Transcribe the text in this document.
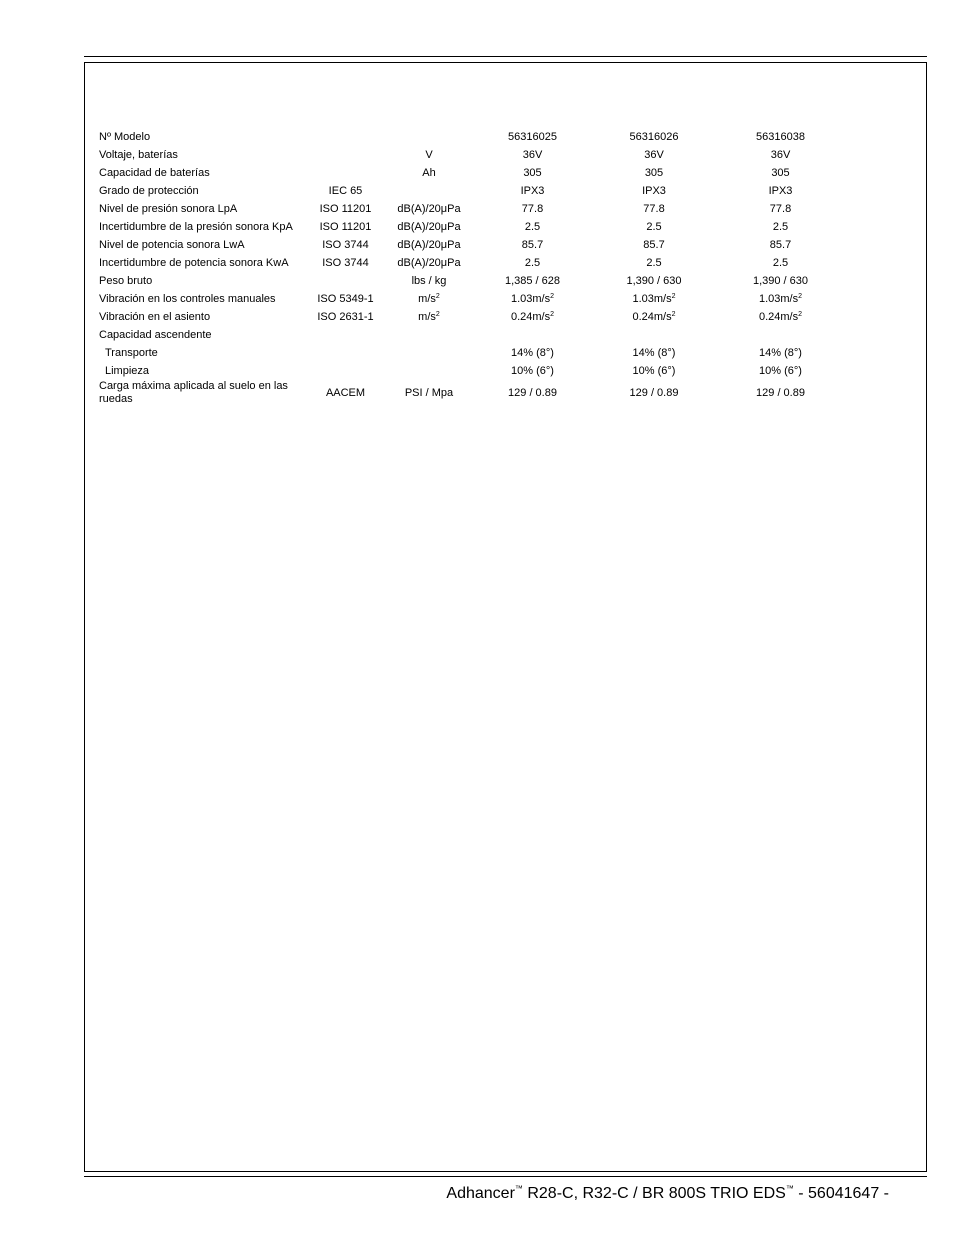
Nº Modelo			56316025	56316026	56316038
Voltaje, baterías		V	36V	36V	36V
Capacidad de baterías		Ah	305	305	305
Grado de protección	IEC 65		IPX3	IPX3	IPX3
Nivel de presión sonora LpA	ISO 11201	dB(A)/20μPa	77.8	77.8	77.8
Incertidumbre de la presión sonora KpA	ISO 11201	dB(A)/20μPa	2.5	2.5	2.5
Nivel de potencia sonora LwA	ISO 3744	dB(A)/20μPa	85.7	85.7	85.7
Incertidumbre de potencia sonora KwA	ISO 3744	dB(A)/20μPa	2.5	2.5	2.5
Peso bruto		lbs / kg	1,385 / 628	1,390 / 630	1,390 / 630
Vibración en los controles manuales	ISO 5349-1	$m/s^2$	$1.03m/s^2$	$1.03m/s^2$	$1.03m/s^2$
Vibración en el asiento	ISO 2631-1	$m/s^2$	$0.24m/s^2$	$0.24m/s^2$	$0.24m/s^2$
Capacidad ascendente					
Transporte			14% (8°)	14% (8°)	14% (8°)
Limpieza			10% (6°)	10% (6°)	10% (6°)
Carga máxima aplicada al suelo en las ruedas	AACEM	PSI / Mpa	129 / 0.89	129 / 0.89	129 / 0.89
Adhancer™ R28-C, R32-C / BR 800S TRIO EDS™ - 56041647 -
